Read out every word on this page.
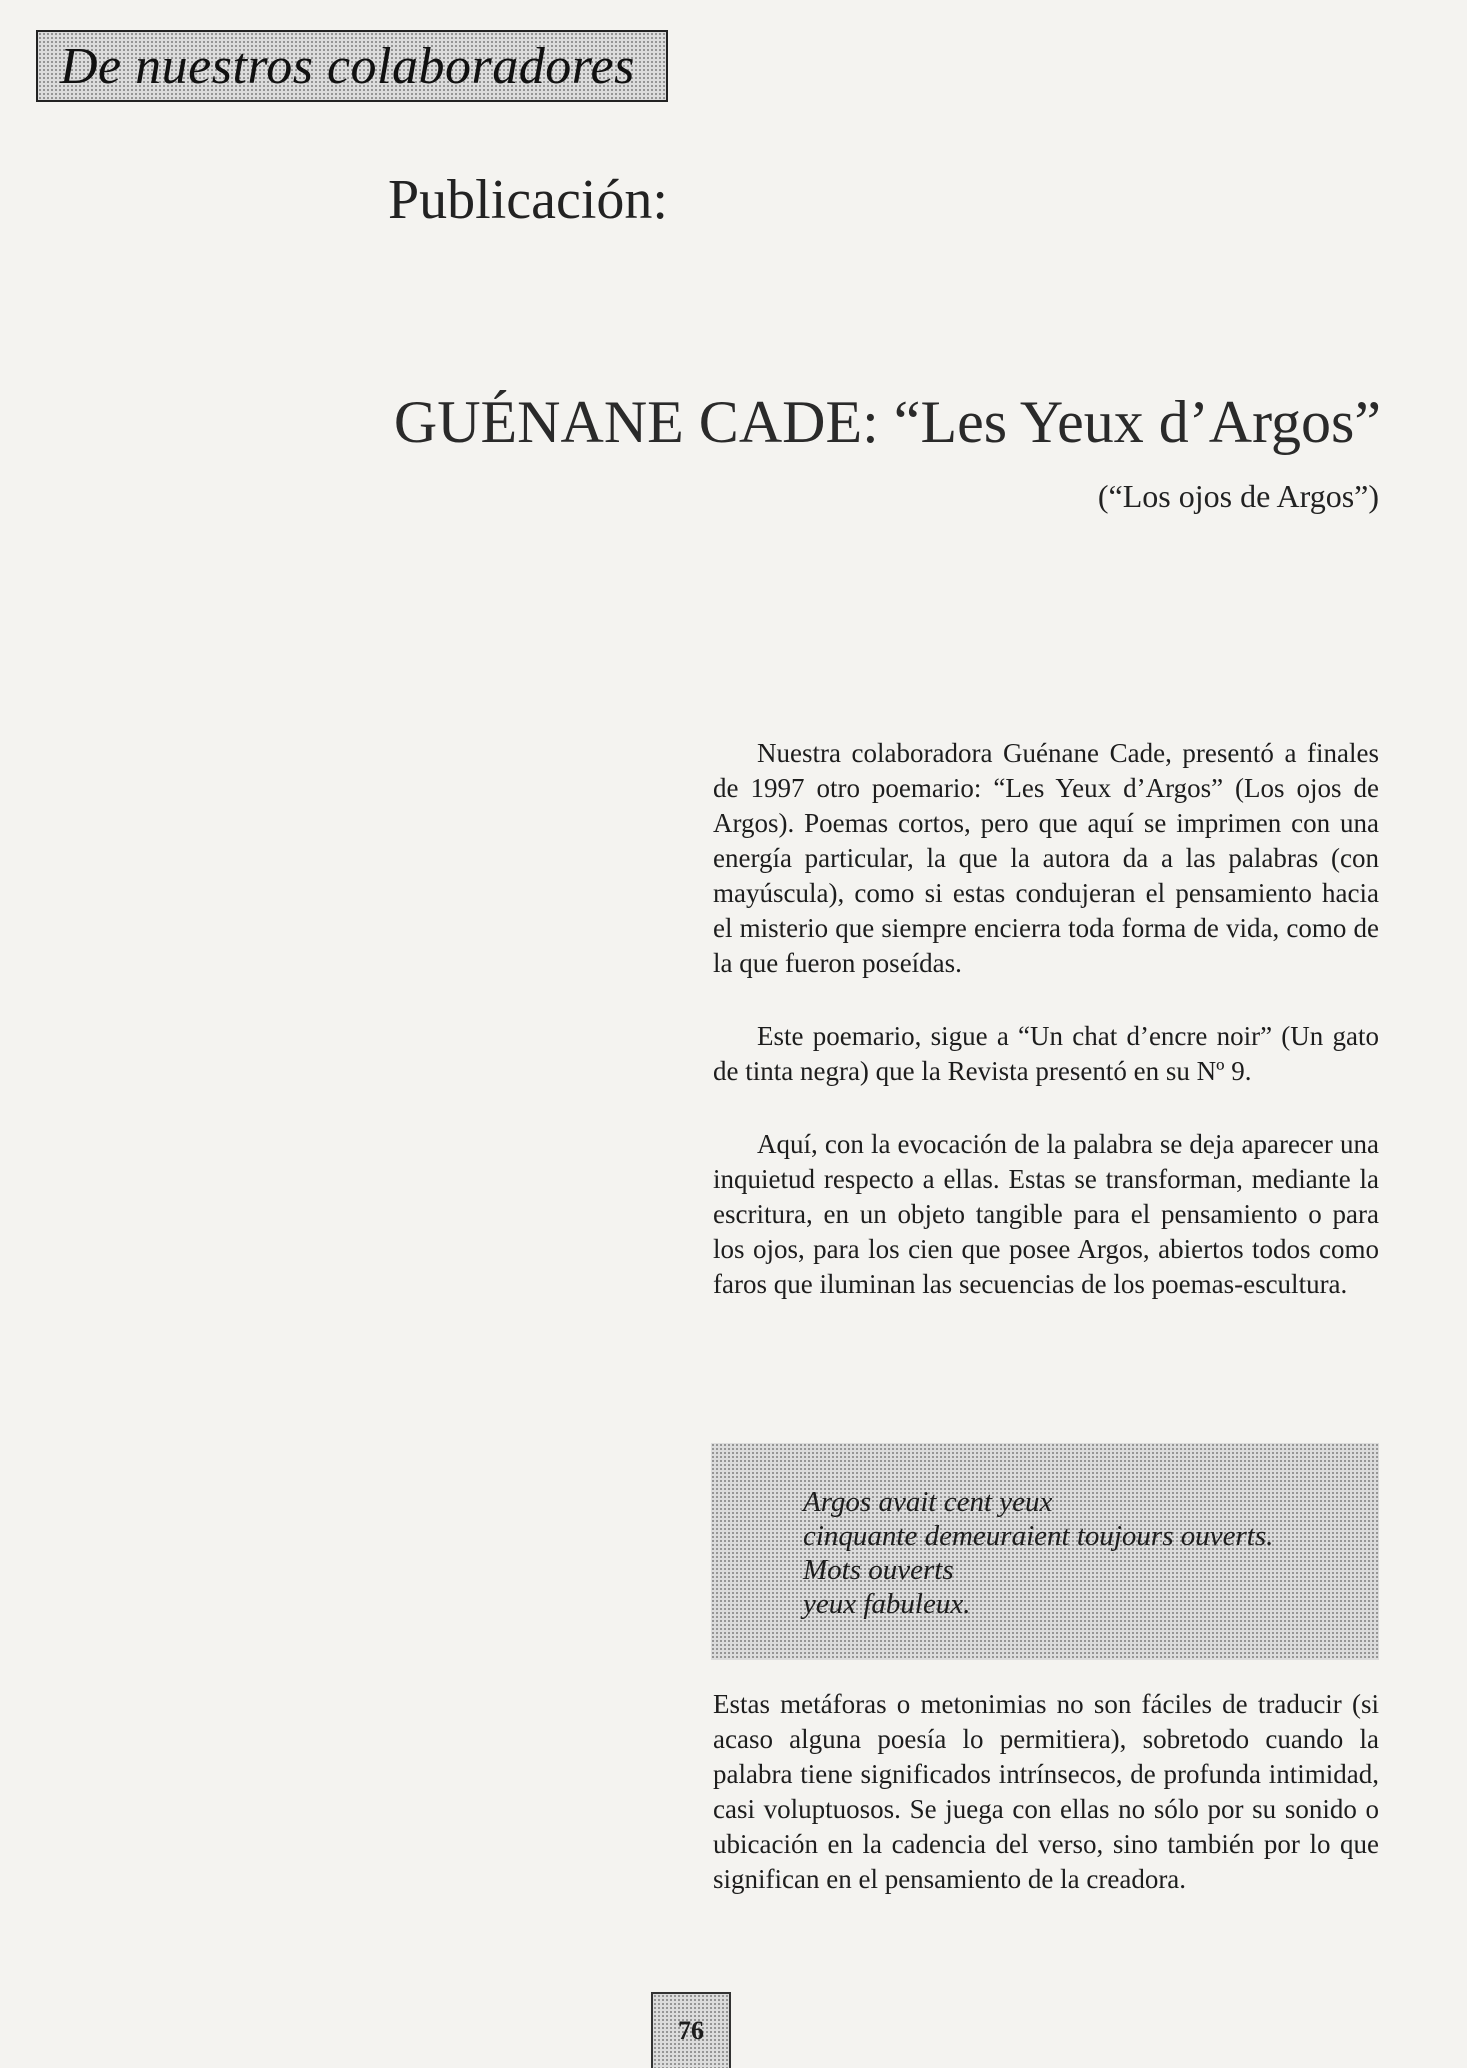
De nuestros colaboradores
Publicación:
GUÉNANE CADE: “Les Yeux d’Argos”
(“Los ojos de Argos”)

Nuestra colaboradora Guénane Cade, presentó a finales de 1997 otro poemario: “Les Yeux d’Argos” (Los ojos de Argos). Poemas cortos, pero que aquí se imprimen con una energía particular, la que la autora da a las palabras (con mayúscula), como si estas condujeran el pensamiento hacia el misterio que siempre encierra toda forma de vida, como de la que fueron poseídas.

Este poemario, sigue a “Un chat d’encre noir” (Un gato de tinta negra) que la Revista presentó en su Nº 9.

Aquí, con la evocación de la palabra se deja aparecer una inquietud respecto a ellas. Estas se transforman, mediante la escritura, en un objeto tangible para el pensamiento o para los ojos, para los cien que posee Argos, abiertos todos como faros que iluminan las secuencias de los poemas-escultura.

Argos avait cent yeux
cinquante demeuraient toujours ouverts.
Mots ouverts
yeux fabuleux.

Estas metáforas o metonimias no son fáciles de traducir (si acaso alguna poesía lo permitiera), sobretodo cuando la palabra tiene significados intrínsecos, de profunda intimidad, casi voluptuosos. Se juega con ellas no sólo por su sonido o ubicación en la cadencia del verso, sino también por lo que significan en el pensamiento de la creadora.

76
